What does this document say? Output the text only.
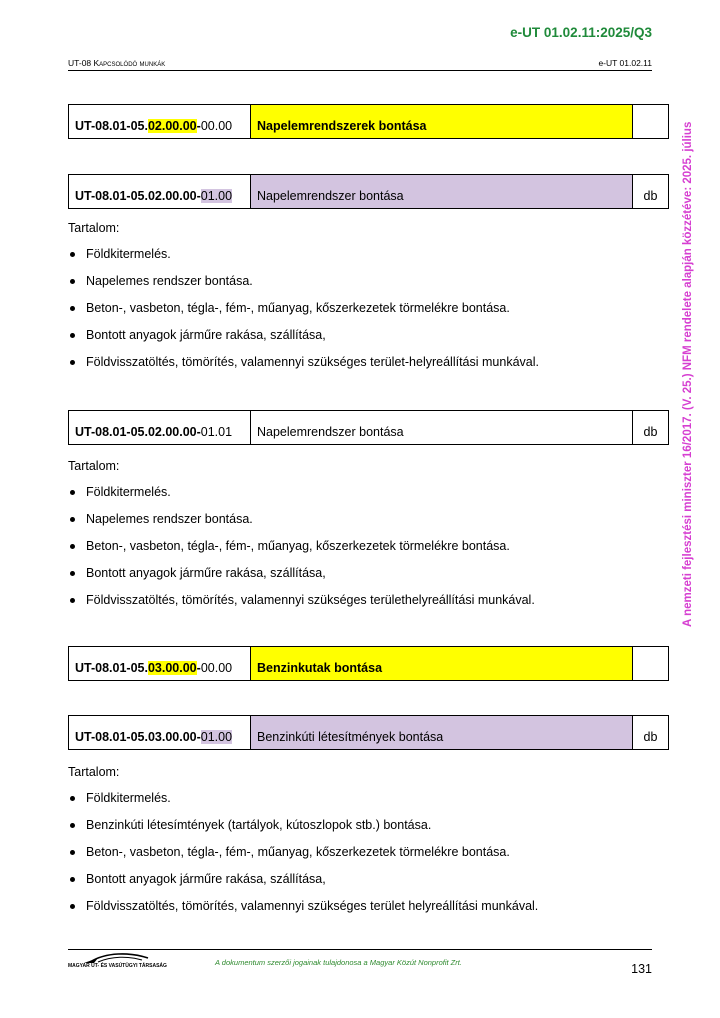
e-UT 01.02.11:2025/Q3
UT-08 Kapcsolódó munkák	e-UT 01.02.11
A nemzeti fejlesztési miniszter 16/2017. (V. 25.) NFM rendelete alapján közzétéve: 2025. július
UT-08.01-05.02.00.00-00.00	Napelemrendszerek bontása	
UT-08.01-05.02.00.00-01.00	Napelemrendszer bontása	db
Tartalom:
Földkitermelés.
Napelemes rendszer bontása.
Beton-, vasbeton, tégla-, fém-, műanyag, kőszerkezetek törmelékre bontása.
Bontott anyagok járműre rakása, szállítása,
Földvisszatöltés, tömörítés, valamennyi szükséges terület-helyreállítási munkával.
UT-08.01-05.02.00.00-01.01	Napelemrendszer bontása	db
Tartalom:
Földkitermelés.
Napelemes rendszer bontása.
Beton-, vasbeton, tégla-, fém-, műanyag, kőszerkezetek törmelékre bontása.
Bontott anyagok járműre rakása, szállítása,
Földvisszatöltés, tömörítés, valamennyi szükséges területhelyreállítási munkával.
UT-08.01-05.03.00.00-00.00	Benzinkutak bontása	
UT-08.01-05.03.00.00-01.00	Benzinkúti létesítmények bontása	db
Tartalom:
Földkitermelés.
Benzinkúti létesímtények (tartályok, kútoszlopok stb.) bontása.
Beton-, vasbeton, tégla-, fém-, műanyag, kőszerkezetek törmelékre bontása.
Bontott anyagok járműre rakása, szállítása,
Földvisszatöltés, tömörítés, valamennyi szükséges terület helyreállítási munkával.
MAGYAR ÚT- ÉS VASÚTÜGYI TÁRSASÁG	A dokumentum szerzői jogainak tulajdonosa a Magyar Közút Nonprofit Zrt.	131
